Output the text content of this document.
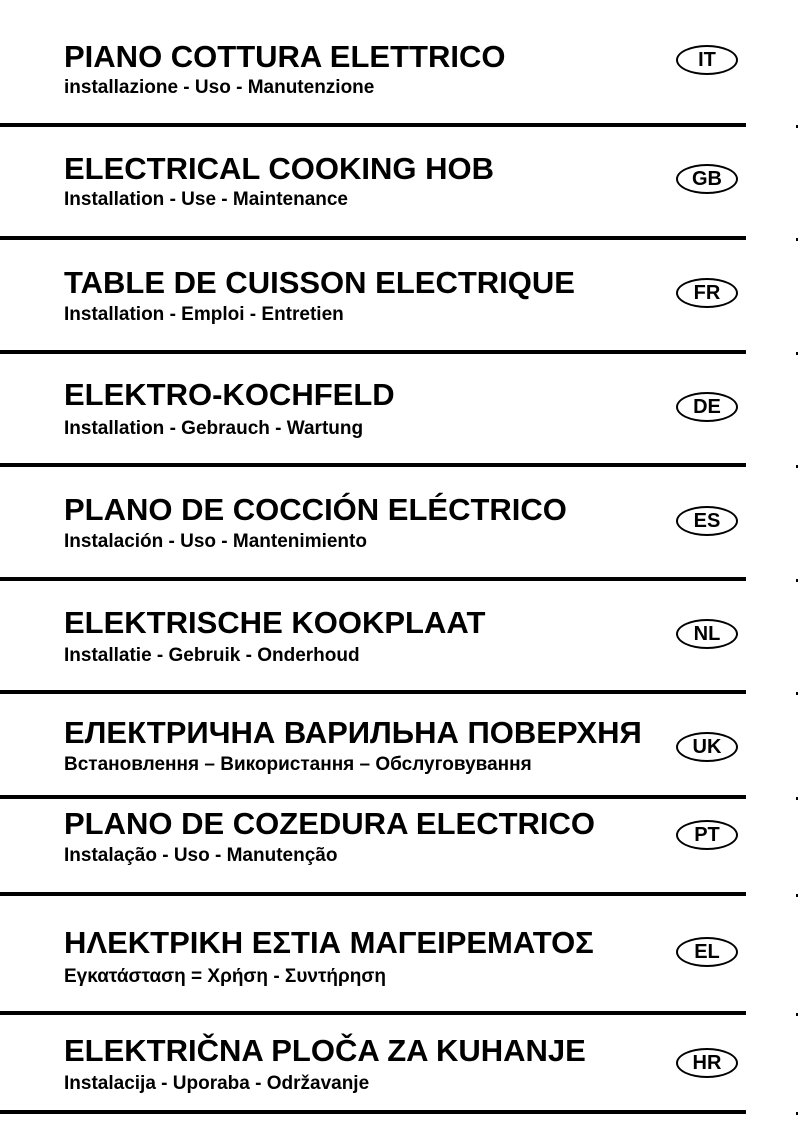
PIANO COTTURA ELETTRICO
installazione - Uso - Manutenzione
IT
ELECTRICAL COOKING HOB
Installation - Use - Maintenance
GB
TABLE DE CUISSON ELECTRIQUE
Installation - Emploi - Entretien
FR
ELEKTRO-KOCHFELD
Installation - Gebrauch - Wartung
DE
PLANO DE COCCIÓN ELÉCTRICO
Instalación - Uso - Mantenimiento
ES
ELEKTRISCHE KOOKPLAAT
Installatie - Gebruik - Onderhoud
NL
ЕЛЕКТРИЧНА ВАРИЛЬНА ПОВЕРХНЯ
Встановлення – Використання – Обслуговування
UK
PLANO DE COZEDURA ELECTRICO
Instalação - Uso - Manutenção
PT
ΗΛΕΚΤΡΙΚΗ ΕΣΤΙΑ ΜΑΓΕΙΡΕΜΑΤΟΣ
Εγκατάσταση = Χρήση - Συντήρηση
EL
ELEKTRIČNA PLOČA ZA KUHANJE
Instalacija - Uporaba - Održavanje
HR
